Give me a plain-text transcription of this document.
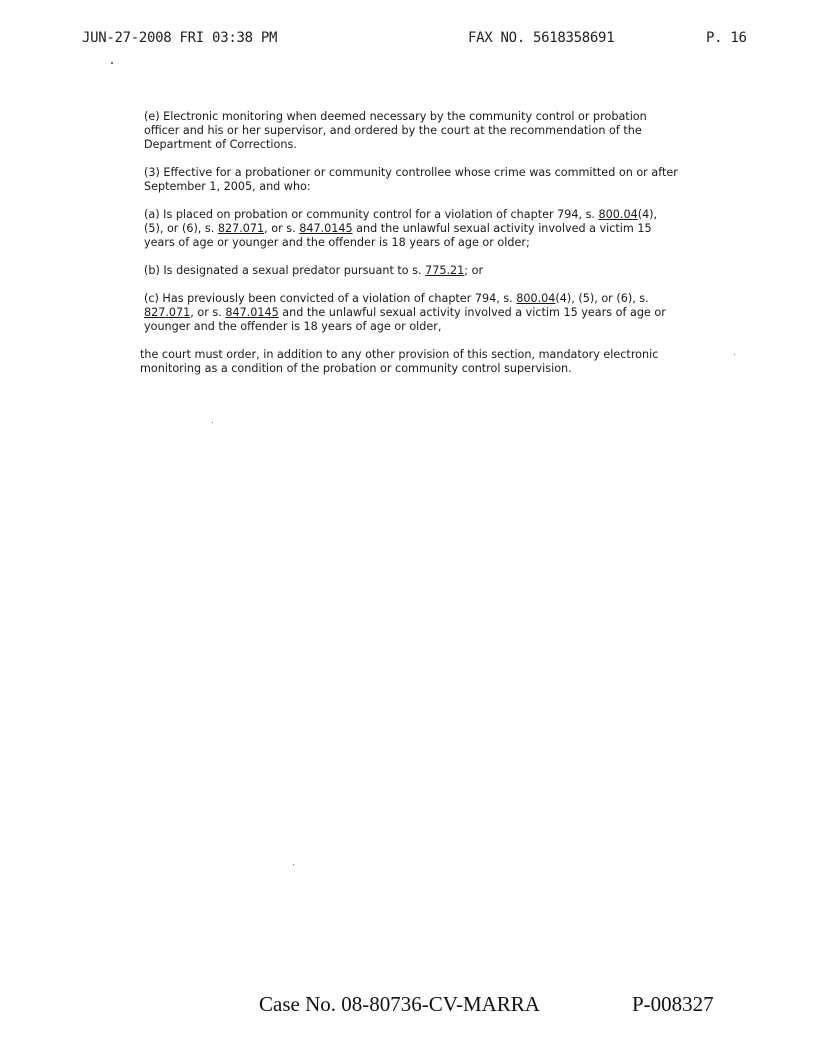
JUN-27-2008 FRI 03:38 PM	FAX NO. 5618358691	P. 16

(e) Electronic monitoring when deemed necessary by the community control or probation officer and his or her supervisor, and ordered by the court at the recommendation of the Department of Corrections.

(3) Effective for a probationer or community controllee whose crime was committed on or after September 1, 2005, and who:

(a) Is placed on probation or community control for a violation of chapter 794, s. 800.04(4), (5), or (6), s. 827.071, or s. 847.0145 and the unlawful sexual activity involved a victim 15 years of age or younger and the offender is 18 years of age or older;

(b) Is designated a sexual predator pursuant to s. 775.21; or

(c) Has previously been convicted of a violation of chapter 794, s. 800.04(4), (5), or (6), s. 827.071, or s. 847.0145 and the unlawful sexual activity involved a victim 15 years of age or younger and the offender is 18 years of age or older,

the court must order, in addition to any other provision of this section, mandatory electronic monitoring as a condition of the probation or community control supervision.

Case No. 08-80736-CV-MARRA	P-008327
